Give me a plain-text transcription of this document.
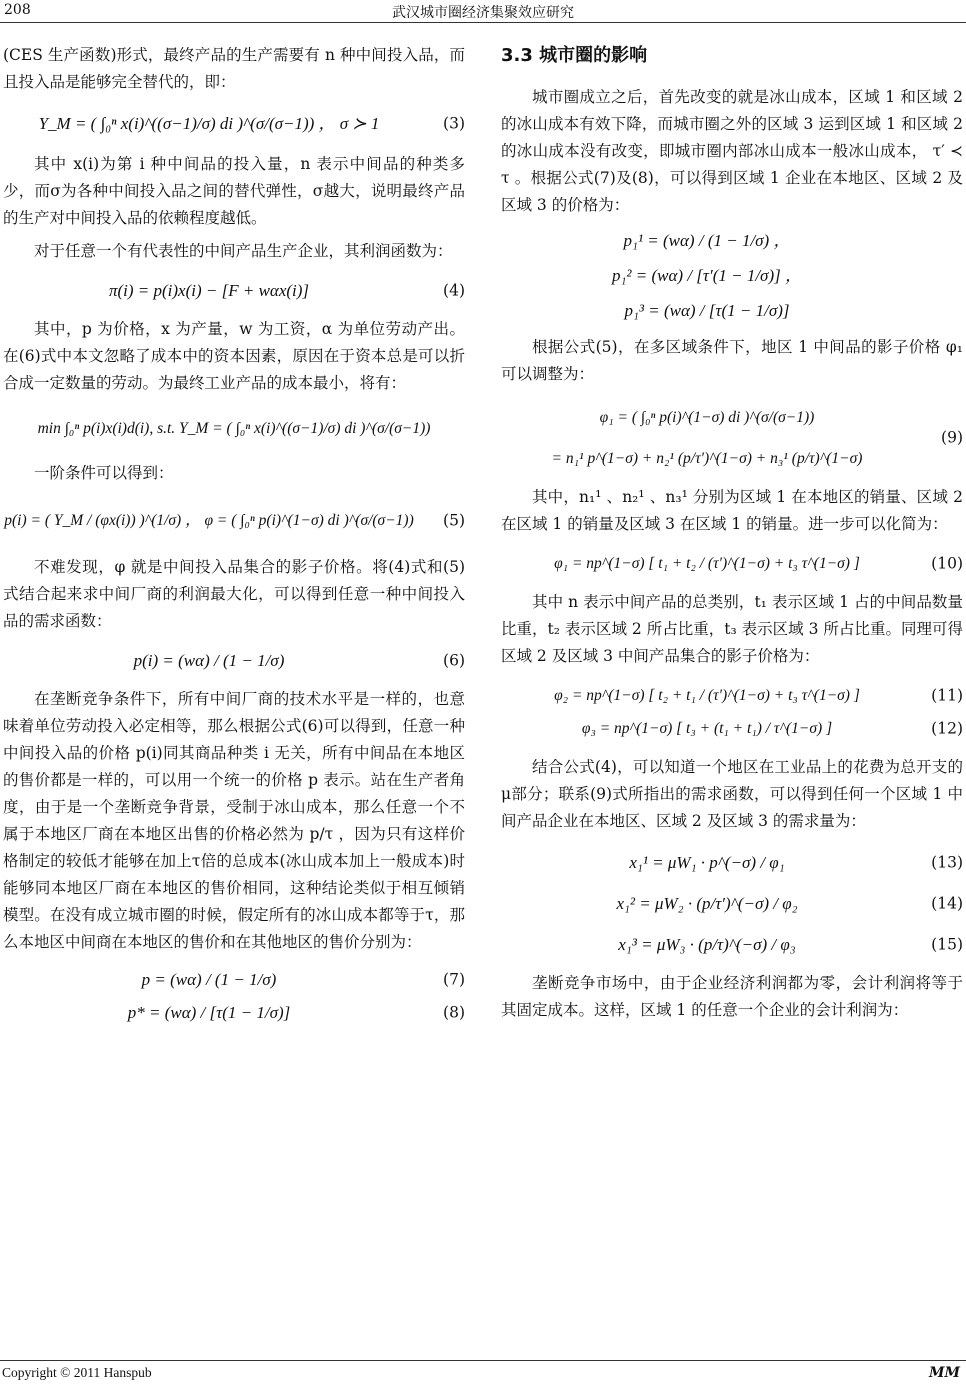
208	武汉城市圈经济集聚效应研究

(CES 生产函数)形式，最终产品的生产需要有 n 种中间投入品，而且投入品是能够完全替代的，即：

Y_M = ( ∫₀ⁿ x(i)^((σ−1)/σ) di )^(σ/(σ−1)) ， σ ≻ 1	(3)

其中 x(i)为第 i 种中间品的投入量，n 表示中间品的种类多少，而σ为各种中间投入品之间的替代弹性，σ越大，说明最终产品的生产对中间投入品的依赖程度越低。

对于任意一个有代表性的中间产品生产企业，其利润函数为：

π(i) = p(i)x(i) − [F + wαx(i)]	(4)

其中，p 为价格，x 为产量，w 为工资，α 为单位劳动产出。在(6)式中本文忽略了成本中的资本因素，原因在于资本总是可以折合成一定数量的劳动。为最终工业产品的成本最小，将有：

min ∫₀ⁿ p(i)x(i)d(i), s.t. Y_M = ( ∫₀ⁿ x(i)^((σ−1)/σ) di )^(σ/(σ−1))

一阶条件可以得到：

p(i) = ( Y_M / (φx(i)) )^(1/σ) ， φ = ( ∫₀ⁿ p(i)^(1−σ) di )^(σ/(σ−1))	(5)

不难发现，φ 就是中间投入品集合的影子价格。将(4)式和(5)式结合起来求中间厂商的利润最大化，可以得到任意一种中间投入品的需求函数：

p(i) = (wα) / (1 − 1/σ)	(6)

在垄断竞争条件下，所有中间厂商的技术水平是一样的，也意味着单位劳动投入必定相等，那么根据公式(6)可以得到，任意一种中间投入品的价格 p(i)同其商品种类 i 无关，所有中间品在本地区的售价都是一样的，可以用一个统一的价格 p 表示。站在生产者角度，由于是一个垄断竞争背景，受制于冰山成本，那么任意一个不属于本地区厂商在本地区出售的价格必然为 p/τ ，因为只有这样价格制定的较低才能够在加上τ倍的总成本(冰山成本加上一般成本)时能够同本地区厂商在本地区的售价相同，这种结论类似于相互倾销模型。在没有成立城市圈的时候，假定所有的冰山成本都等于τ，那么本地区中间商在本地区的售价和在其他地区的售价分别为：

p = (wα) / (1 − 1/σ)	(7)
p* = (wα) / [τ(1 − 1/σ)]	(8)
3.3 城市圈的影响

城市圈成立之后，首先改变的就是冰山成本，区域 1 和区域 2 的冰山成本有效下降，而城市圈之外的区域 3 运到区域 1 和区域 2 的冰山成本没有改变，即城市圈内部冰山成本一般冰山成本， τ′ ≺ τ 。根据公式(7)及(8)，可以得到区域 1 企业在本地区、区域 2 及区域 3 的价格为：

p₁¹ = (wα) / (1 − 1/σ) ，
p₁² = (wα) / [τ′(1 − 1/σ)] ，
p₁³ = (wα) / [τ(1 − 1/σ)]

根据公式(5)，在多区域条件下，地区 1 中间品的影子价格 φ₁ 可以调整为：

φ₁ = ( ∫₀ⁿ p(i)^(1−σ) di )^(σ/(σ−1))
= n₁¹ p^(1−σ) + n₂¹ (p/τ′)^(1−σ) + n₃¹ (p/τ)^(1−σ)
(9)

其中，n₁¹ 、n₂¹ 、n₃¹ 分别为区域 1 在本地区的销量、区域 2 在区域 1 的销量及区域 3 在区域 1 的销量。进一步可以化简为：

φ₁ = np^(1−σ) [ t₁ + t₂ / (τ′)^(1−σ) + t₃ τ^(1−σ) ]	(10)

其中 n 表示中间产品的总类别，t₁ 表示区域 1 占的中间品数量比重，t₂ 表示区域 2 所占比重，t₃ 表示区域 3 所占比重。同理可得区域 2 及区域 3 中间产品集合的影子价格为：

φ₂ = np^(1−σ) [ t₂ + t₁ / (τ′)^(1−σ) + t₃ τ^(1−σ) ]	(11)
φ₃ = np^(1−σ) [ t₃ + (t₁ + t₁) / τ^(1−σ) ]	(12)

结合公式(4)，可以知道一个地区在工业品上的花费为总开支的μ部分；联系(9)式所指出的需求函数，可以得到任何一个区域 1 中间产品企业在本地区、区域 2 及区域 3 的需求量为：

x₁¹ = μW₁ · p^(−σ) / φ₁	(13)
x₁² = μW₂ · (p/τ′)^(−σ) / φ₂	(14)
x₁³ = μW₃ · (p/τ)^(−σ) / φ₃	(15)

垄断竞争市场中，由于企业经济利润都为零，会计利润将等于其固定成本。这样，区域 1 的任意一个企业的会计利润为：

Copyright © 2011 Hanspub	MM
